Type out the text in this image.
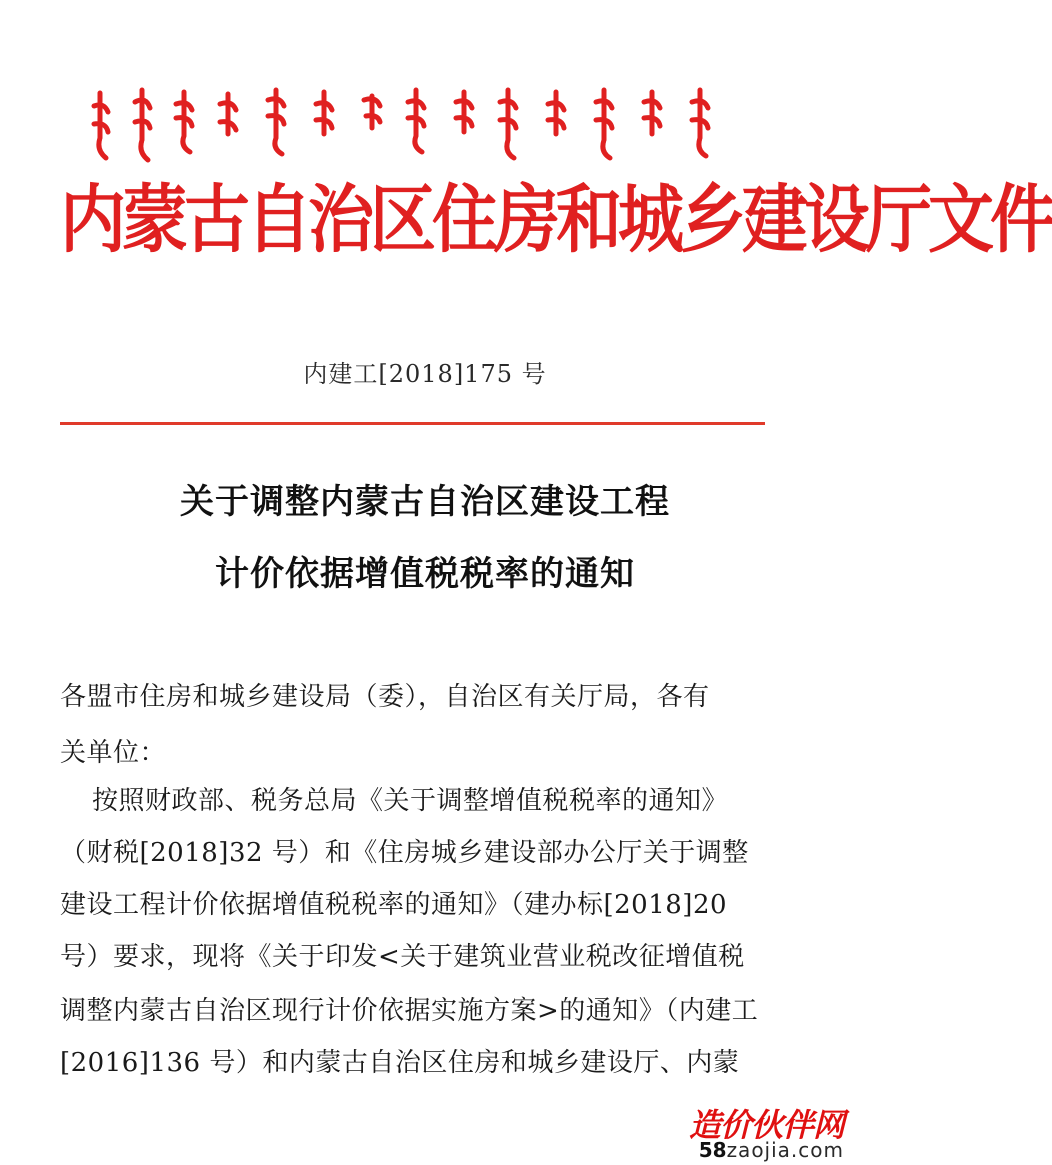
内蒙古自治区住房和城乡建设厅文件
内建工[2018]175 号
关于调整内蒙古自治区建设工程
计价依据增值税税率的通知
各盟市住房和城乡建设局（委），自治区有关厅局，各有
关单位：
按照财政部、税务总局《关于调整增值税税率的通知》
（财税[2018]32 号）和《住房城乡建设部办公厅关于调整
建设工程计价依据增值税税率的通知》（建办标[2018]20
号）要求，现将《关于印发<关于建筑业营业税改征增值税
调整内蒙古自治区现行计价依据实施方案>的通知》（内建工
[2016]136 号）和内蒙古自治区住房和城乡建设厅、内蒙
造价伙伴网
58zaojia.com
